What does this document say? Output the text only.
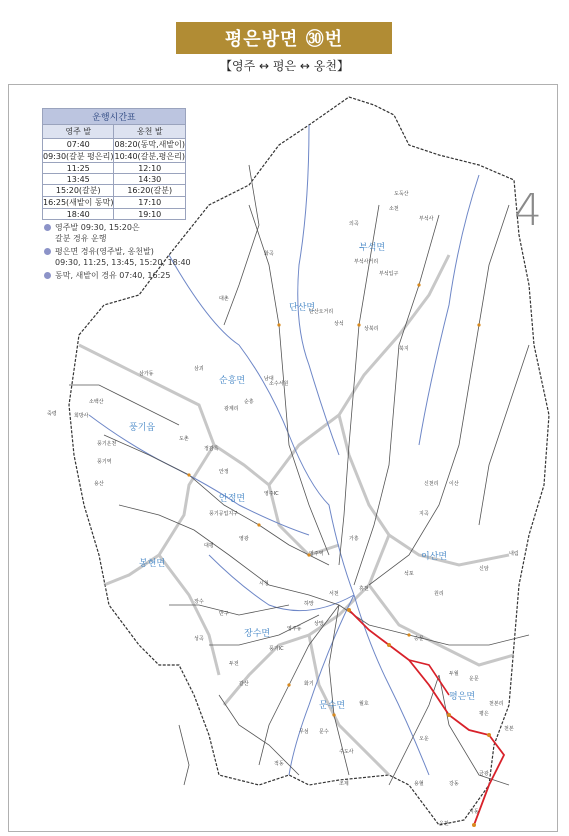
평은방면 ㉚번
【영주 ↔ 평은 ↔ 옹천】
부석면
단산면
순흥면
풍기읍
안정면
봉현면
장수면
문수면
이산면
평은면
의곡
소천
부석사
부석사거리
부석입구
화곡
도둑산
대촌
상석
상북리
북지
단산오거리
남대
소수서원
순흥
삼가동
삼괴
광계리
소백산
희방사
죽령
풍기온천
풍기역
정감록
도촌
안정
풍기공업지구
용산
대평
영주IC
영주역
가흥
휴천
서천
하망
상망
영주동
시청
영광
풍기IC
장수
반구
두전
성곡
갈산	화기
문수
수도사
조제
무섬
적동
월호
승문
신천리
지곡
이산
석포
원리
신암
내림
두월
운문
평은
천본
오운
금광
강동
용혈
천본리
지동
옹천
4
운행시간표	
영주 발	옹천 발
07:40	08:20(동막,새밭이)
09:30(갈분 평은리)	10:40(갈분,평은리)
11:25	12:10
13:45	14:30
15:20(갈분)	16:20(갈분)
16:25(새밭이 동막)	17:10
18:40	19:10
영주발 09:30, 15:20은
갈분 경유 운행
평은면 경유(영주발, 옹천발)
09:30, 11:25, 13:45, 15:20, 18:40
동막, 새밭이 경유 07:40, 16:25
